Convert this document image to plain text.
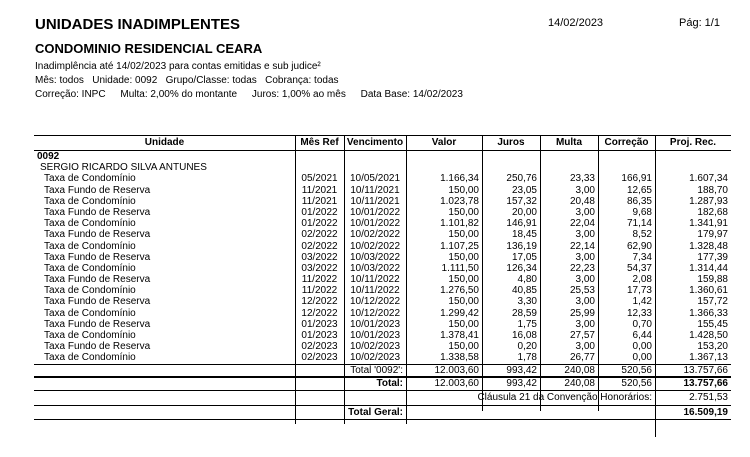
UNIDADES INADIMPLENTES	14/02/2023	Pág: 1/1
CONDOMINIO RESIDENCIAL CEARA
Inadimplência até 14/02/2023 para contas emitidas e sub judice²
Mês: todos   Unidade: 0092   Grupo/Classe: todas   Cobrança: todas
Correção: INPC Multa: 2,00% do montante Juros: 1,00% ao mês Data Base: 14/02/2023
Unidade	Mês Ref Vencimento	Valor	Juros	Multa	Correção	Proj. Rec.
0092
SERGIO RICARDO SILVA ANTUNES
Taxa de Condomínio	05/2021	10/05/2021	1.166,34	250,76	23,33	166,91	1.607,34
Taxa Fundo de Reserva	11/2021	10/11/2021	150,00	23,05	3,00	12,65	188,70
Taxa de Condomínio	11/2021	10/11/2021	1.023,78	157,32	20,48	86,35	1.287,93
Taxa Fundo de Reserva	01/2022	10/01/2022	150,00	20,00	3,00	9,68	182,68
Taxa de Condomínio	01/2022	10/01/2022	1.101,82	146,91	22,04	71,14	1.341,91
Taxa Fundo de Reserva	02/2022	10/02/2022	150,00	18,45	3,00	8,52	179,97
Taxa de Condomínio	02/2022	10/02/2022	1.107,25	136,19	22,14	62,90	1.328,48
Taxa Fundo de Reserva	03/2022	10/03/2022	150,00	17,05	3,00	7,34	177,39
Taxa de Condomínio	03/2022	10/03/2022	1.111,50	126,34	22,23	54,37	1.314,44
Taxa Fundo de Reserva	11/2022	10/11/2022	150,00	4,80	3,00	2,08	159,88
Taxa de Condomínio	11/2022	10/11/2022	1.276,50	40,85	25,53	17,73	1.360,61
Taxa Fundo de Reserva	12/2022	10/12/2022	150,00	3,30	3,00	1,42	157,72
Taxa de Condomínio	12/2022	10/12/2022	1.299,42	28,59	25,99	12,33	1.366,33
Taxa Fundo de Reserva	01/2023	10/01/2023	150,00	1,75	3,00	0,70	155,45
Taxa de Condomínio	01/2023	10/01/2023	1.378,41	16,08	27,57	6,44	1.428,50
Taxa Fundo de Reserva	02/2023	10/02/2023	150,00	0,20	3,00	0,00	153,20
Taxa de Condomínio	02/2023	10/02/2023	1.338,58	1,78	26,77	0,00	1.367,13
Total '0092':	12.003,60	993,42	240,08	520,56	13.757,66
Total:	12.003,60	993,42	240,08	520,56	13.757,66
Cláusula 21 da Convenção Honorários:	2.751,53
Total Geral:	16.509,19
